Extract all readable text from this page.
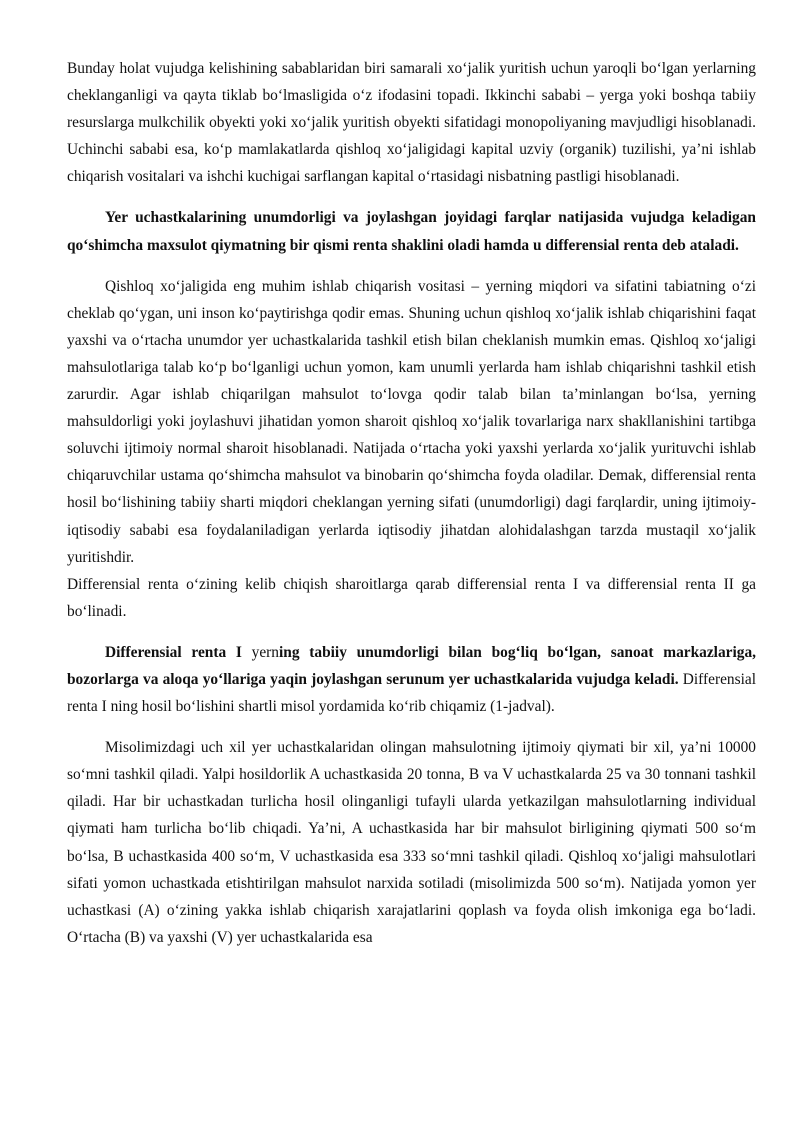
Bunday holat vujudga kelishining sabablaridan biri samarali xo‘jalik yuritish uchun yaroqli bo‘lgan yerlarning cheklanganligi va qayta tiklab bo‘lmasligida o‘z ifodasini topadi. Ikkinchi sababi – yerga yoki boshqa tabiiy resurslarga mulkchilik obyekti yoki xo‘jalik yuritish obyekti sifatidagi monopoliyaning mavjudligi hisoblanadi. Uchinchi sababi esa, ko‘p mamlakatlarda qishloq xo‘jaligidagi kapital uzviy (organik) tuzilishi, ya’ni ishlab chiqarish vositalari va ishchi kuchigai sarflangan kapital o‘rtasidagi nisbatning pastligi hisoblanadi.

Yer uchastkalarining unumdorligi va joylashgan joyidagi farqlar natijasida vujudga keladigan qo‘shimcha maxsulot qiymatning bir qismi renta shaklini oladi hamda u differensial renta deb ataladi.

Qishloq xo‘jaligida eng muhim ishlab chiqarish vositasi – yerning miqdori va sifatini tabiatning o‘zi cheklab qo‘ygan, uni inson ko‘paytirishga qodir emas. Shuning uchun qishloq xo‘jalik ishlab chiqarishini faqat yaxshi va o‘rtacha unumdor yer uchastkalarida tashkil etish bilan cheklanish mumkin emas. Qishloq xo‘jaligi mahsulotlariga talab ko‘p bo‘lganligi uchun yomon, kam unumli yerlarda ham ishlab chiqarishni tashkil etish zarurdir. Agar ishlab chiqarilgan mahsulot to‘lovga qodir talab bilan ta’minlangan bo‘lsa, yerning mahsuldorligi yoki joylashuvi jihatidan yomon sharoit qishloq xo‘jalik tovarlariga narx shakllanishini tartibga soluvchi ijtimoiy normal sharoit hisoblanadi. Natijada o‘rtacha yoki yaxshi yerlarda xo‘jalik yurituvchi ishlab chiqaruvchilar ustama qo‘shimcha mahsulot va binobarin qo‘shimcha foyda oladilar. Demak, differensial renta hosil bo‘lishining tabiiy sharti miqdori cheklangan yerning sifati (unumdorligi) dagi farqlardir, uning ijtimoiy-iqtisodiy sababi esa foydalaniladigan yerlarda iqtisodiy jihatdan alohidalashgan tarzda mustaqil xo‘jalik yuritishdir.
Differensial renta o‘zining kelib chiqish sharoitlarga qarab differensial renta I va differensial renta II ga bo‘linadi.

Differensial renta I yerning tabiiy unumdorligi bilan bog‘liq bo‘lgan, sanoat markazlariga, bozorlarga va aloqa yo‘llariga yaqin joylashgan serunum yer uchastkalarida vujudga keladi. Differensial renta I ning hosil bo‘lishini shartli misol yordamida ko‘rib chiqamiz (1-jadval).

Misolimizdagi uch xil yer uchastkalaridan olingan mahsulotning ijtimoiy qiymati bir xil, ya’ni 10000 so‘mni tashkil qiladi. Yalpi hosildorlik A uchastkasida 20 tonna, B va V uchastkalarda 25 va 30 tonnani tashkil qiladi. Har bir uchastkadan turlicha hosil olinganligi tufayli ularda yetkazilgan mahsulotlarning individual qiymati ham turlicha bo‘lib chiqadi. Ya’ni, A uchastkasida har bir mahsulot birligining qiymati 500 so‘m bo‘lsa, B uchastkasida 400 so‘m, V uchastkasida esa 333 so‘mni tashkil qiladi. Qishloq xo‘jaligi mahsulotlari sifati yomon uchastkada etishtirilgan mahsulot narxida sotiladi (misolimizda 500 so‘m). Natijada yomon yer uchastkasi (A) o‘zining yakka ishlab chiqarish xarajatlarini qoplash va foyda olish imkoniga ega bo‘ladi. O‘rtacha (B) va yaxshi (V) yer uchastkalarida esa
